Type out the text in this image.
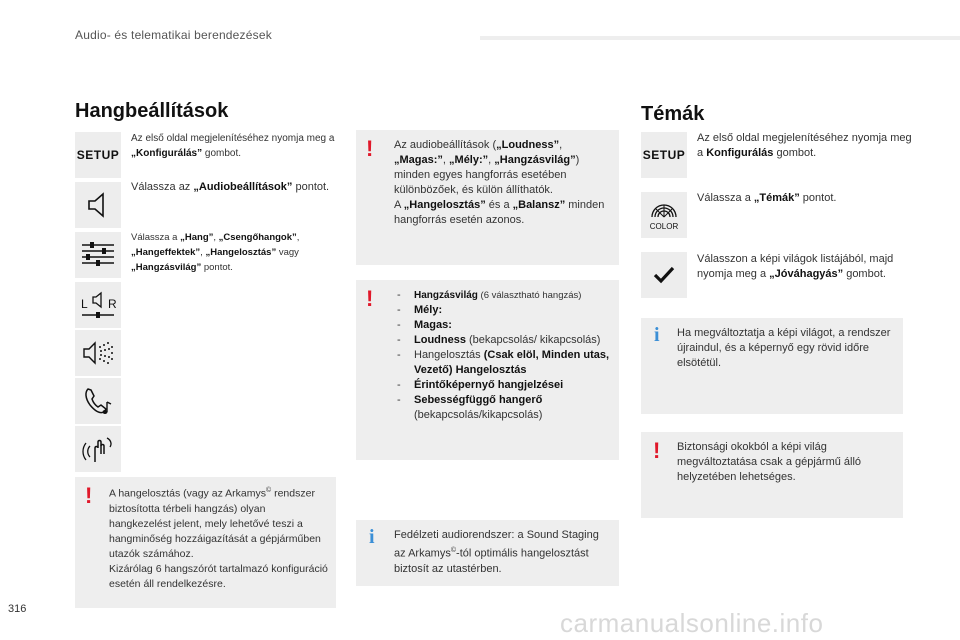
Audio- és telematikai berendezések
Hangbeállítások
SETUP
Az első oldal megjelenítéséhez nyomja meg a „Konfigurálás” gombot.
Válassza az „Audiobeállítások” pontot.
Válassza a „Hang”, „Csengőhangok”, „Hangeffektek”, „Hangelosztás” vagy „Hangzásvilág” pontot.
L R
! A hangelosztás (vagy az Arkamys© rendszer biztosította térbeli hangzás) olyan hangkezelést jelent, mely lehetővé teszi a hangminőség hozzáigazítását a gépjárműben utazók számához.
Kizárólag 6 hangszórót tartalmazó konfiguráció esetén áll rendelkezésre.
! Az audiobeállítások („Loudness”, „Magas:”, „Mély:”, „Hangzásvilág”) minden egyes hangforrás esetében különbözőek, és külön állíthatók.
A „Hangelosztás” és a „Balansz” minden hangforrás esetén azonos.
!
-	Hangzásvilág (6 választható hangzás)
- Mély:
- Magas:
- Loudness (bekapcsolás/ kikapcsolás)
- Hangelosztás (Csak elöl, Minden utas, Vezető) Hangelosztás
- Érintőképernyő hangjelzései
- Sebességfüggő hangerő (bekapcsolás/kikapcsolás)
i Fedélzeti audiorendszer: a Sound Staging az Arkamys©-tól optimális hangelosztást biztosít az utastérben.
Témák
SETUP
Az első oldal megjelenítéséhez nyomja meg a Konfigurálás gombot.
COLOR
Válassza a „Témák” pontot.
Válasszon a képi világok listájából, majd nyomja meg a „Jóváhagyás” gombot.
i Ha megváltoztatja a képi világot, a rendszer újraindul, és a képernyő egy rövid időre elsötétül.
! Biztonsági okokból a képi világ megváltoztatása csak a gépjármű álló helyzetében lehetséges.
316	carmanualsonline.info
